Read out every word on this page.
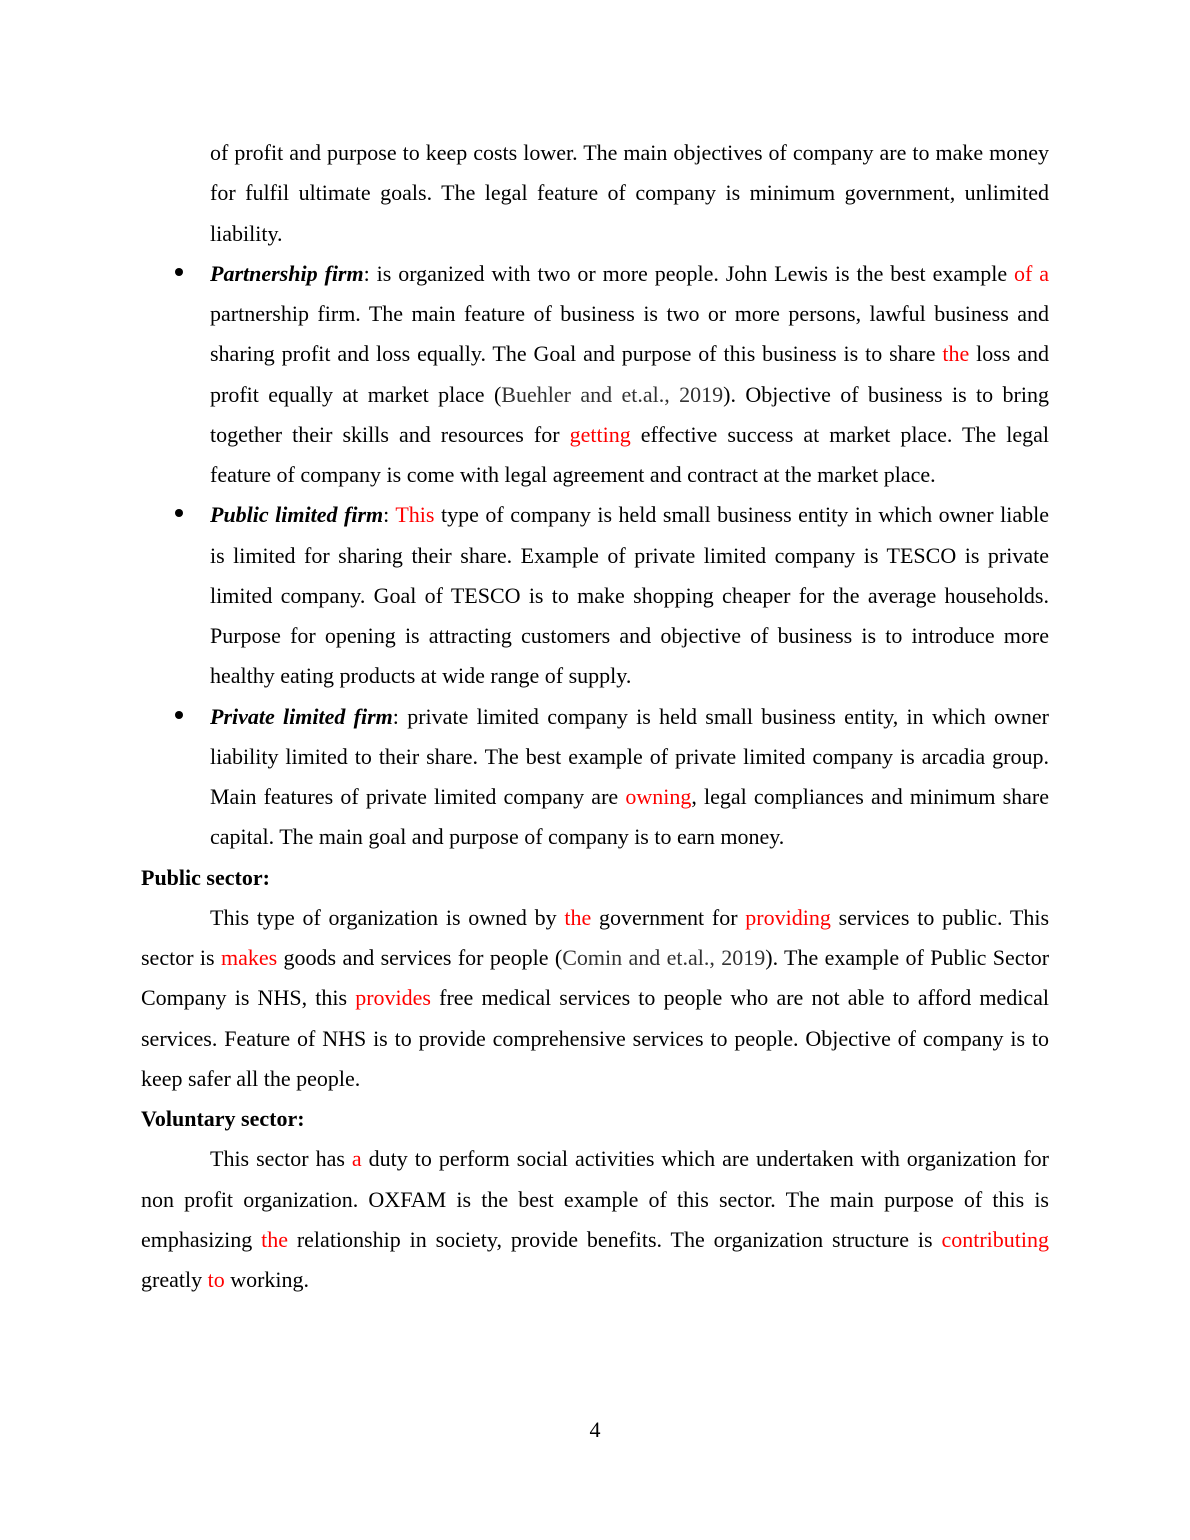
of profit and purpose to keep costs lower. The main objectives of company are to make money for fulfil ultimate goals. The legal feature of company is minimum government, unlimited liability.

Partnership firm: is organized with two or more people. John Lewis is the best example of a partnership firm. The main feature of business is two or more persons, lawful business and sharing profit and loss equally. The Goal and purpose of this business is to share the loss and profit equally at market place (Buehler and et.al., 2019). Objective of business is to bring together their skills and resources for getting effective success at market place. The legal feature of company is come with legal agreement and contract at the market place.
Public limited firm: This type of company is held small business entity in which owner liable is limited for sharing their share. Example of private limited company is TESCO is private limited company. Goal of TESCO is to make shopping cheaper for the average households. Purpose for opening is attracting customers and objective of business is to introduce more healthy eating products at wide range of supply.
Private limited firm: private limited company is held small business entity, in which owner liability limited to their share. The best example of private limited company is arcadia group. Main features of private limited company are owning, legal compliances and minimum share capital. The main goal and purpose of company is to earn money.

Public sector:

This type of organization is owned by the government for providing services to public. This sector is makes goods and services for people (Comin and et.al., 2019). The example of Public Sector Company is NHS, this provides free medical services to people who are not able to afford medical services. Feature of NHS is to provide comprehensive services to people. Objective of company is to keep safer all the people.

Voluntary sector:

This sector has a duty to perform social activities which are undertaken with organization for non profit organization. OXFAM is the best example of this sector. The main purpose of this is emphasizing the relationship in society, provide benefits. The organization structure is contributing greatly to working.

4
